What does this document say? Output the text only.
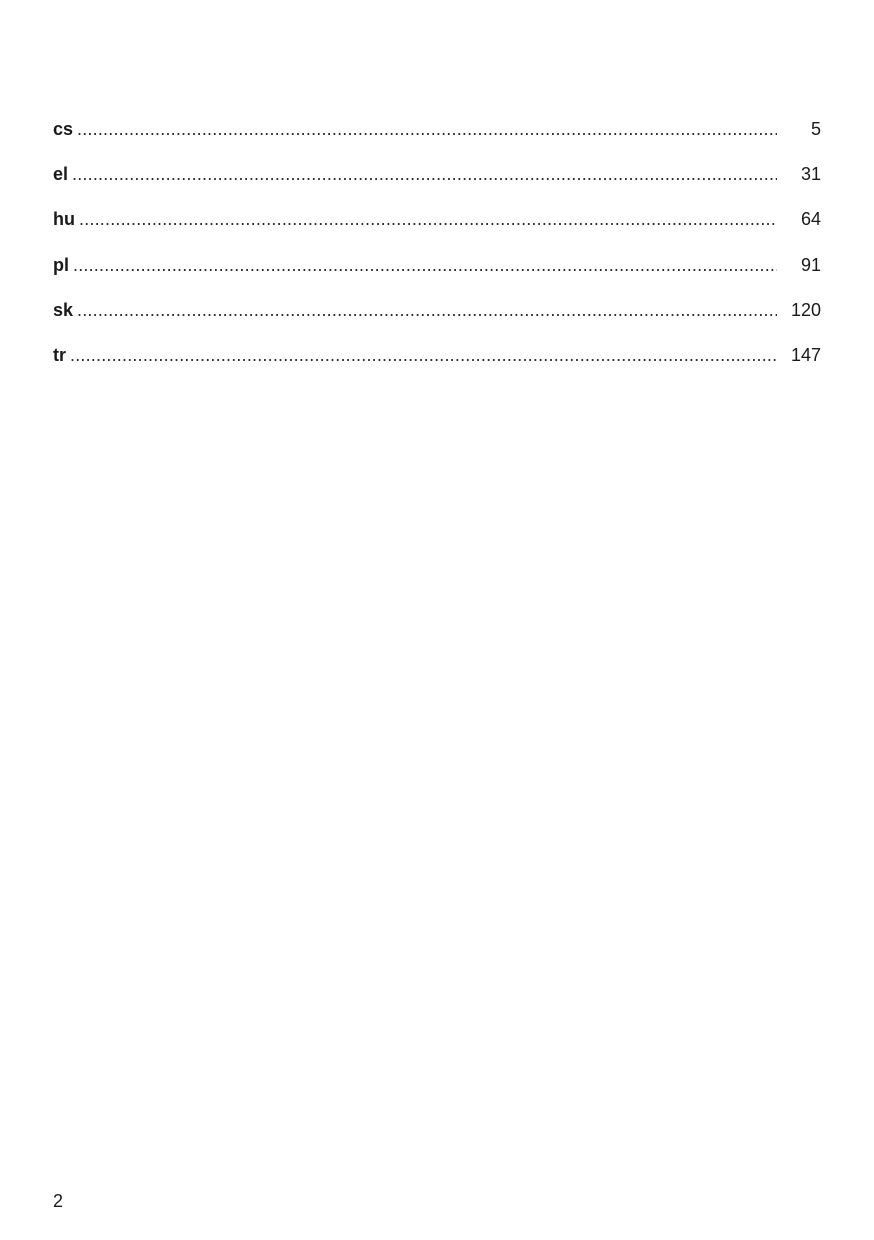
cs .....	5
el .....	31
hu .....	64
pl .....	91
sk .....	120
tr .....	147
2
